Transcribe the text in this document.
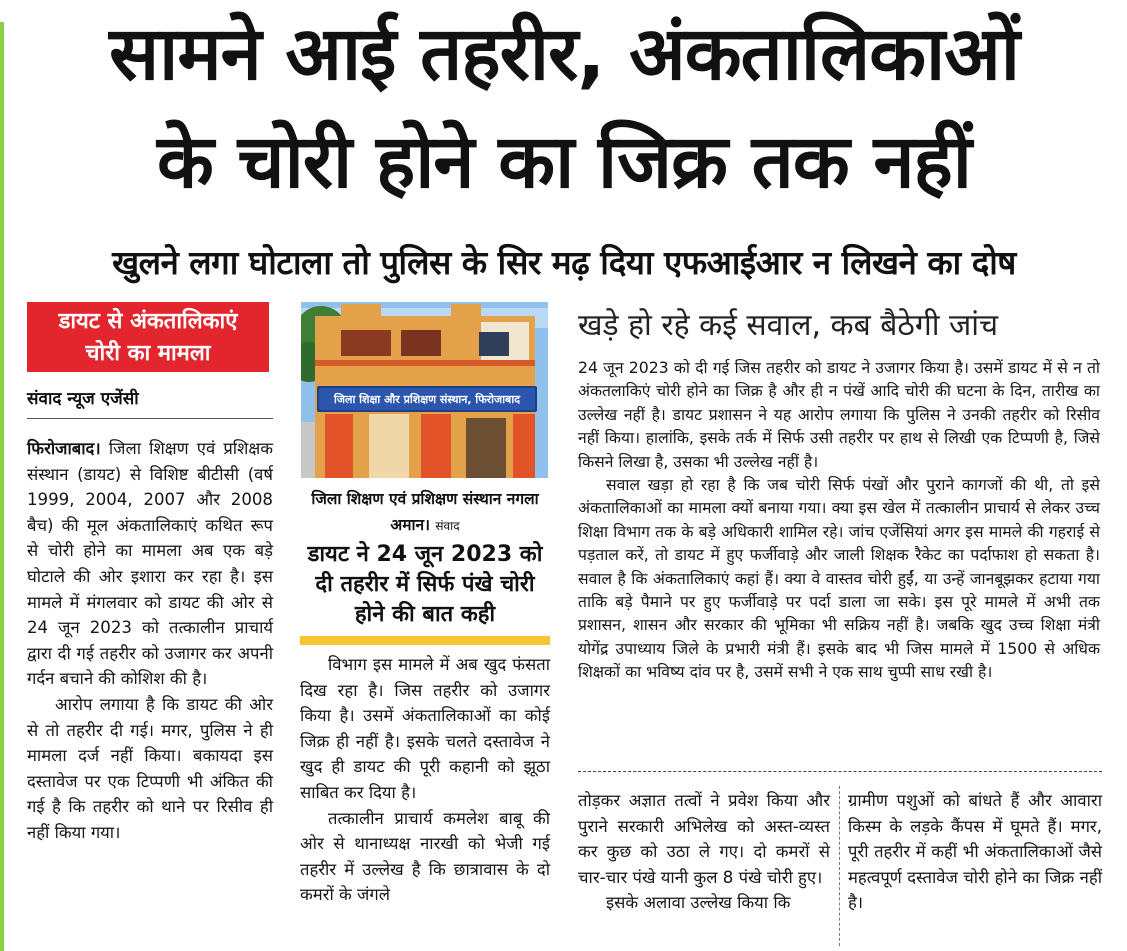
सामने आई तहरीर, अंकतालिकाओं
के चोरी होने का जिक्र तक नहीं
खुलने लगा घोटाला तो पुलिस के सिर मढ़ दिया एफआईआर न लिखने का दोष
डायट से अंकतालिकाएं
चोरी का मामला
संवाद न्यूज एजेंसी

फिरोजाबाद। जिला शिक्षण एवं प्रशिक्षक संस्थान (डायट) से विशिष्ट बीटीसी (वर्ष 1999, 2004, 2007 और 2008 बैच) की मूल अंकतालिकाएं कथित रूप से चोरी होने का मामला अब एक बड़े घोटाले की ओर इशारा कर रहा है। इस मामले में मंगलवार को डायट की ओर से 24 जून 2023 को तत्कालीन प्राचार्य द्वारा दी गई तहरीर को उजागर कर अपनी गर्दन बचाने की कोशिश की है।

आरोप लगाया है कि डायट की ओर से तो तहरीर दी गई। मगर, पुलिस ने ही मामला दर्ज नहीं किया। बकायदा इस दस्तावेज पर एक टिप्पणी भी अंकित की गई है कि तहरीर को थाने पर रिसीव ही नहीं किया गया।

जिला शिक्षा और प्रशिक्षण संस्थान, फिरोजाबाद
जिला शिक्षण एवं प्रशिक्षण संस्थान नगला अमान। संवाद
डायट ने 24 जून 2023 को दी तहरीर में सिर्फ पंखे चोरी होने की बात कही

विभाग इस मामले में अब खुद फंसता दिख रहा है। जिस तहरीर को उजागर किया है। उसमें अंकतालिकाओं का कोई जिक्र ही नहीं है। इसके चलते दस्तावेज ने खुद ही डायट की पूरी कहानी को झूठा साबित कर दिया है।

तत्कालीन प्राचार्य कमलेश बाबू की ओर से थानाध्यक्ष नारखी को भेजी गई तहरीर में उल्लेख है कि छात्रावास के दो कमरों के जंगले

खड़े हो रहे कई सवाल, कब बैठेगी जांच

24 जून 2023 को दी गई जिस तहरीर को डायट ने उजागर किया है। उसमें डायट में से न तो अंकतलाकिएं चोरी होने का जिक्र है और ही न पंखें आदि चोरी की घटना के दिन, तारीख का उल्लेख नहीं है। डायट प्रशासन ने यह आरोप लगाया कि पुलिस ने उनकी तहरीर को रिसीव नहीं किया। हालांकि, इसके तर्क में सिर्फ उसी तहरीर पर हाथ से लिखी एक टिप्पणी है, जिसे किसने लिखा है, उसका भी उल्लेख नहीं है।

सवाल खड़ा हो रहा है कि जब चोरी सिर्फ पंखों और पुराने कागजों की थी, तो इसे अंकतालिकाओं का मामला क्यों बनाया गया। क्या इस खेल में तत्कालीन प्राचार्य से लेकर उच्च शिक्षा विभाग तक के बड़े अधिकारी शामिल रहे। जांच एजेंसियां अगर इस मामले की गहराई से पड़ताल करें, तो डायट में हुए फर्जीवाड़े और जाली शिक्षक रैकेट का पर्दाफाश हो सकता है। सवाल है कि अंकतालिकाएं कहां हैं। क्या वे वास्तव चोरी हुईं, या उन्हें जानबूझकर हटाया गया ताकि बड़े पैमाने पर हुए फर्जीवाड़े पर पर्दा डाला जा सके। इस पूरे मामले में अभी तक प्रशासन, शासन और सरकार की भूमिका भी सक्रिय नहीं है। जबकि खुद उच्च शिक्षा मंत्री योगेंद्र उपाध्याय जिले के प्रभारी मंत्री हैं। इसके बाद भी जिस मामले में 1500 से अधिक शिक्षकों का भविष्य दांव पर है, उसमें सभी ने एक साथ चुप्पी साध रखी है।

तोड़कर अज्ञात तत्वों ने प्रवेश किया और पुराने सरकारी अभिलेख को अस्त-व्यस्त कर कुछ को उठा ले गए। दो कमरों से चार-चार पंखे यानी कुल 8 पंखे चोरी हुए।

इसके अलावा उल्लेख किया कि

ग्रामीण पशुओं को बांधते हैं और आवारा किस्म के लड़के कैंपस में घूमते हैं। मगर, पूरी तहरीर में कहीं भी अंकतालिकाओं जैसे महत्वपूर्ण दस्तावेज चोरी होने का जिक्र नहीं है।
